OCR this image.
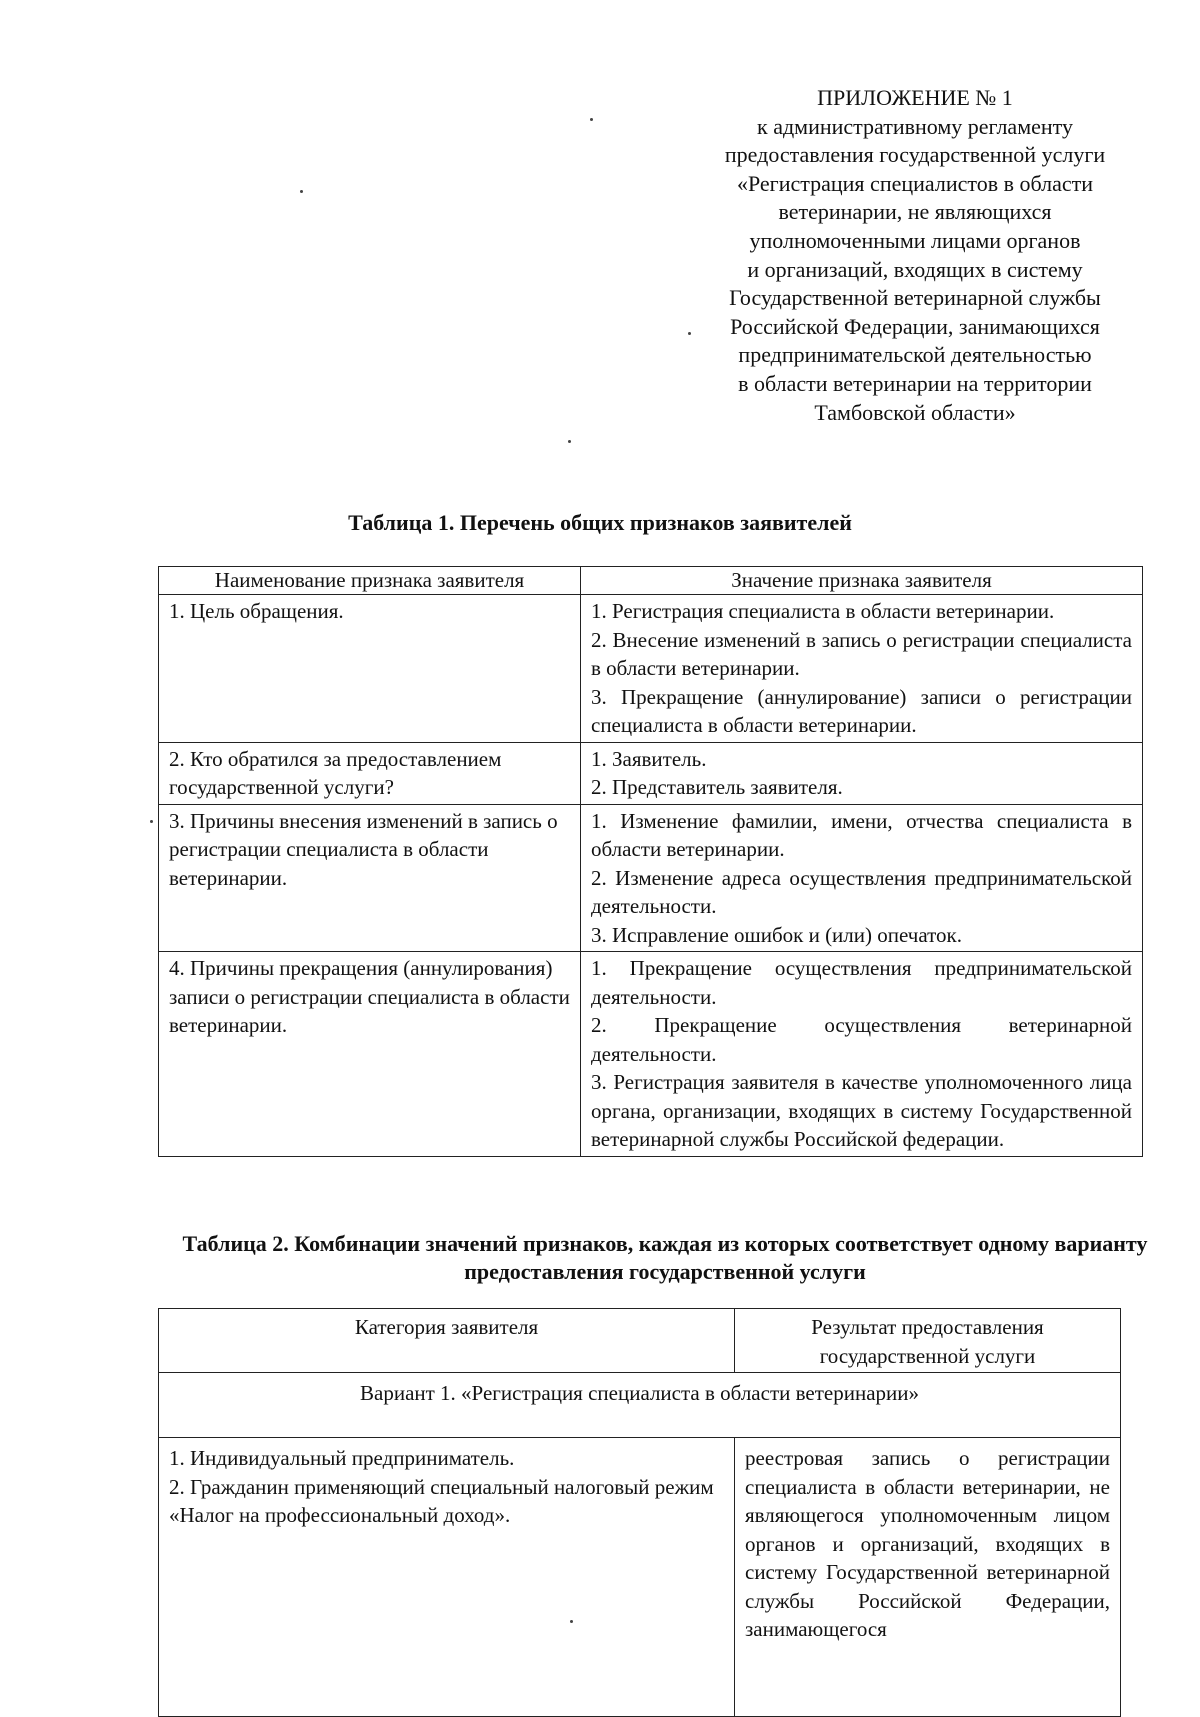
ПРИЛОЖЕНИЕ № 1
к административному регламенту
предоставления государственной услуги
«Регистрация специалистов в области
ветеринарии, не являющихся
уполномоченными лицами органов
и организаций, входящих в систему
Государственной ветеринарной службы
Российской Федерации, занимающихся
предпринимательской деятельностью
в области ветеринарии на территории
Тамбовской области»
Таблица 1. Перечень общих признаков заявителей
Наименование признака заявителя	Значение признака заявителя
1. Цель обращения.	1. Регистрация специалиста в области ветеринарии.

2. Внесение изменений в запись о регистрации специалиста в области ветеринарии.

3. Прекращение (аннулирование) записи о регистрации специалиста в области ветеринарии.

2. Кто обратился за предоставлением государственной услуги?	1. Заявитель.

2. Представитель заявителя.

3. Причины внесения изменений в запись о регистрации специалиста в области ветеринарии.	1. Изменение фамилии, имени, отчества специалиста в области ветеринарии.

2. Изменение адреса осуществления предпринимательской деятельности.

3. Исправление ошибок и (или) опечаток.

4. Причины прекращения (аннулирования) записи о регистрации специалиста в области ветеринарии.	1. Прекращение осуществления предпринимательской деятельности.

2. Прекращение осуществления ветеринарной деятельности.

3. Регистрация заявителя в качестве уполномоченного лица органа, организации, входящих в систему Государственной ветеринарной службы Российской федерации.

Таблица 2. Комбинации значений признаков, каждая из которых соответствует одному варианту предоставления государственной услуги
Категория заявителя	Результат предоставления государственной услуги
Вариант 1. «Регистрация специалиста в области ветеринарии»	

1. Индивидуальный предприниматель.

2. Гражданин применяющий специальный налоговый режим «Налог на профессиональный доход».	реестровая запись о регистрации специалиста в области ветеринарии, не являющегося уполномоченным лицом органов и организаций, входящих в систему Государственной ветеринарной службы Российской Федерации, занимающегося
